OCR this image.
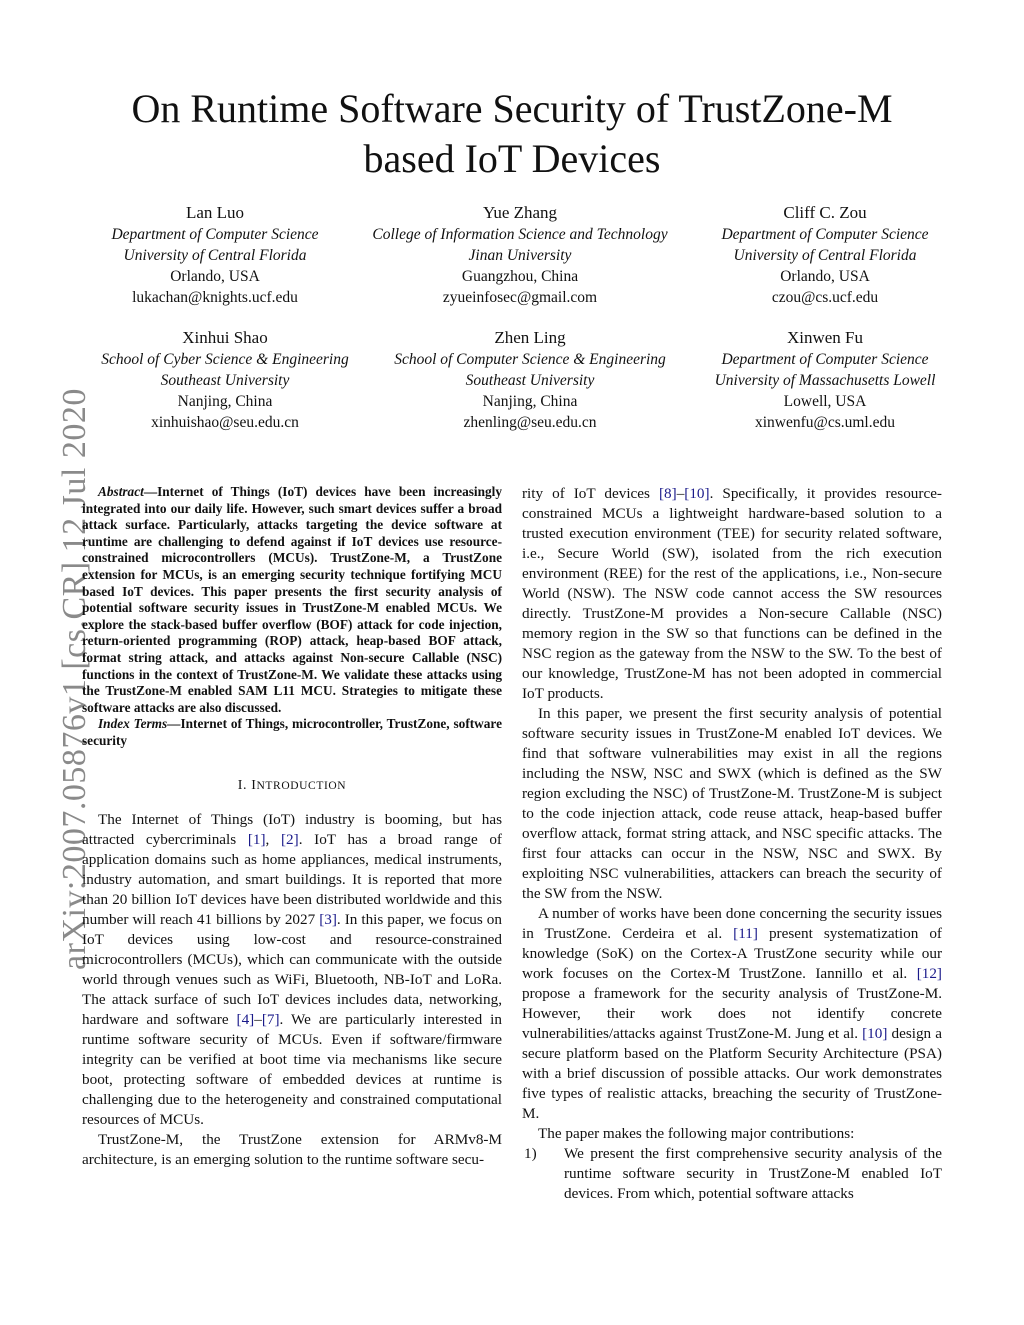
arXiv:2007.05876v1 [cs.CR] 12 Jul 2020
On Runtime Software Security of TrustZone-M
based IoT Devices
Lan Luo
Department of Computer Science
University of Central Florida
Orlando, USA
lukachan@knights.ucf.edu
Yue Zhang
College of Information Science and Technology
Jinan University
Guangzhou, China
zyueinfosec@gmail.com
Cliff C. Zou
Department of Computer Science
University of Central Florida
Orlando, USA
czou@cs.ucf.edu
Xinhui Shao
School of Cyber Science & Engineering
Southeast University
Nanjing, China
xinhuishao@seu.edu.cn
Zhen Ling
School of Computer Science & Engineering
Southeast University
Nanjing, China
zhenling@seu.edu.cn
Xinwen Fu
Department of Computer Science
University of Massachusetts Lowell
Lowell, USA
xinwenfu@cs.uml.edu

Abstract—Internet of Things (IoT) devices have been increasingly integrated into our daily life. However, such smart devices suffer a broad attack surface. Particularly, attacks targeting the device software at runtime are challenging to defend against if IoT devices use resource-constrained microcontrollers (MCUs). TrustZone-M, a TrustZone extension for MCUs, is an emerging security technique fortifying MCU based IoT devices. This paper presents the first security analysis of potential software security issues in TrustZone-M enabled MCUs. We explore the stack-based buffer overflow (BOF) attack for code injection, return-oriented programming (ROP) attack, heap-based BOF attack, format string attack, and attacks against Non-secure Callable (NSC) functions in the context of TrustZone-M. We validate these attacks using the TrustZone-M enabled SAM L11 MCU. Strategies to mitigate these software attacks are also discussed.

Index Terms—Internet of Things, microcontroller, TrustZone, software security

I. INTRODUCTION

The Internet of Things (IoT) industry is booming, but has attracted cybercriminals [1], [2]. IoT has a broad range of application domains such as home appliances, medical instruments, industry automation, and smart buildings. It is reported that more than 20 billion IoT devices have been distributed worldwide and this number will reach 41 billions by 2027 [3]. In this paper, we focus on IoT devices using low-cost and resource-constrained microcontrollers (MCUs), which can communicate with the outside world through venues such as WiFi, Bluetooth, NB-IoT and LoRa. The attack surface of such IoT devices includes data, networking, hardware and software [4]–[7]. We are particularly interested in runtime software security of MCUs. Even if software/firmware integrity can be verified at boot time via mechanisms like secure boot, protecting software of embedded devices at runtime is challenging due to the heterogeneity and constrained computational resources of MCUs.

TrustZone-M, the TrustZone extension for ARMv8-M architecture, is an emerging solution to the runtime software secu-

rity of IoT devices [8]–[10]. Specifically, it provides resource-constrained MCUs a lightweight hardware-based solution to a trusted execution environment (TEE) for security related software, i.e., Secure World (SW), isolated from the rich execution environment (REE) for the rest of the applications, i.e., Non-secure World (NSW). The NSW code cannot access the SW resources directly. TrustZone-M provides a Non-secure Callable (NSC) memory region in the SW so that functions can be defined in the NSC region as the gateway from the NSW to the SW. To the best of our knowledge, TrustZone-M has not been adopted in commercial IoT products.

In this paper, we present the first security analysis of potential software security issues in TrustZone-M enabled IoT devices. We find that software vulnerabilities may exist in all the regions including the NSW, NSC and SWX (which is defined as the SW region excluding the NSC) of TrustZone-M. TrustZone-M is subject to the code injection attack, code reuse attack, heap-based buffer overflow attack, format string attack, and NSC specific attacks. The first four attacks can occur in the NSW, NSC and SWX. By exploiting NSC vulnerabilities, attackers can breach the security of the SW from the NSW.

A number of works have been done concerning the security issues in TrustZone. Cerdeira et al. [11] present systematization of knowledge (SoK) on the Cortex-A TrustZone security while our work focuses on the Cortex-M TrustZone. Iannillo et al. [12] propose a framework for the security analysis of TrustZone-M. However, their work does not identify concrete vulnerabilities/attacks against TrustZone-M. Jung et al. [10] design a secure platform based on the Platform Security Architecture (PSA) with a brief discussion of possible attacks. Our work demonstrates five types of realistic attacks, breaching the security of TrustZone-M.

The paper makes the following major contributions:

1)	We present the first comprehensive security analysis of the runtime software security in TrustZone-M enabled IoT devices. From which, potential software attacks
